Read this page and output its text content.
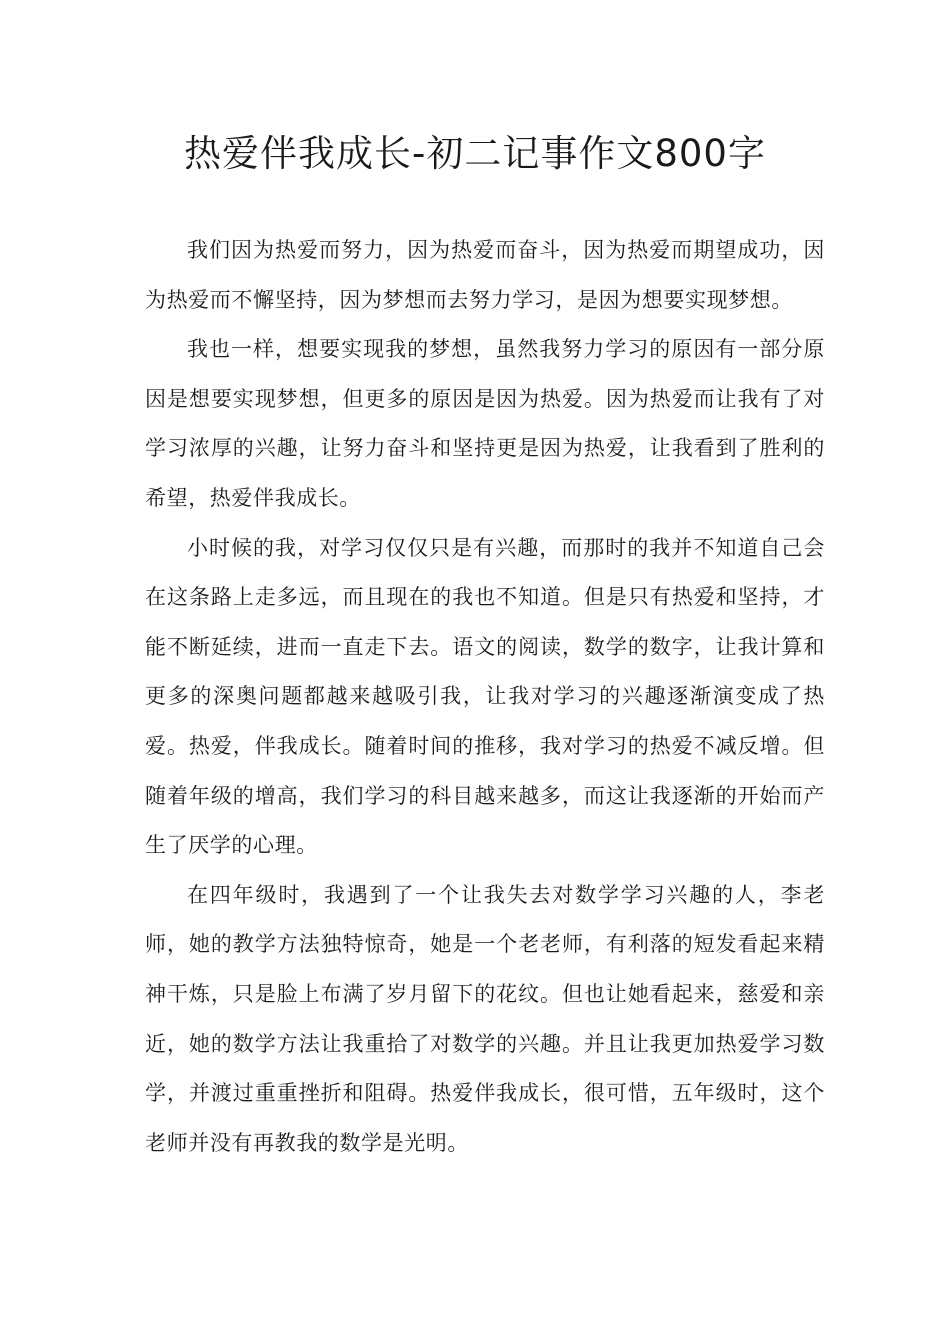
热爱伴我成长-初二记事作文800字

我们因为热爱而努力，因为热爱而奋斗，因为热爱而期望成功，因为热爱而不懈坚持，因为梦想而去努力学习，是因为想要实现梦想。

我也一样，想要实现我的梦想，虽然我努力学习的原因有一部分原因是想要实现梦想，但更多的原因是因为热爱。因为热爱而让我有了对学习浓厚的兴趣，让努力奋斗和坚持更是因为热爱，让我看到了胜利的希望，热爱伴我成长。

小时候的我，对学习仅仅只是有兴趣，而那时的我并不知道自己会在这条路上走多远，而且现在的我也不知道。但是只有热爱和坚持，才能不断延续，进而一直走下去。语文的阅读，数学的数字，让我计算和更多的深奥问题都越来越吸引我，让我对学习的兴趣逐渐演变成了热爱。热爱，伴我成长。随着时间的推移，我对学习的热爱不减反增。但随着年级的增高，我们学习的科目越来越多，而这让我逐渐的开始而产生了厌学的心理。

在四年级时，我遇到了一个让我失去对数学学习兴趣的人，李老师，她的教学方法独特惊奇，她是一个老老师，有利落的短发看起来精神干炼，只是脸上布满了岁月留下的花纹。但也让她看起来，慈爱和亲近，她的数学方法让我重拾了对数学的兴趣。并且让我更加热爱学习数学，并渡过重重挫折和阻碍。热爱伴我成长，很可惜，五年级时，这个老师并没有再教我的数学是光明。
